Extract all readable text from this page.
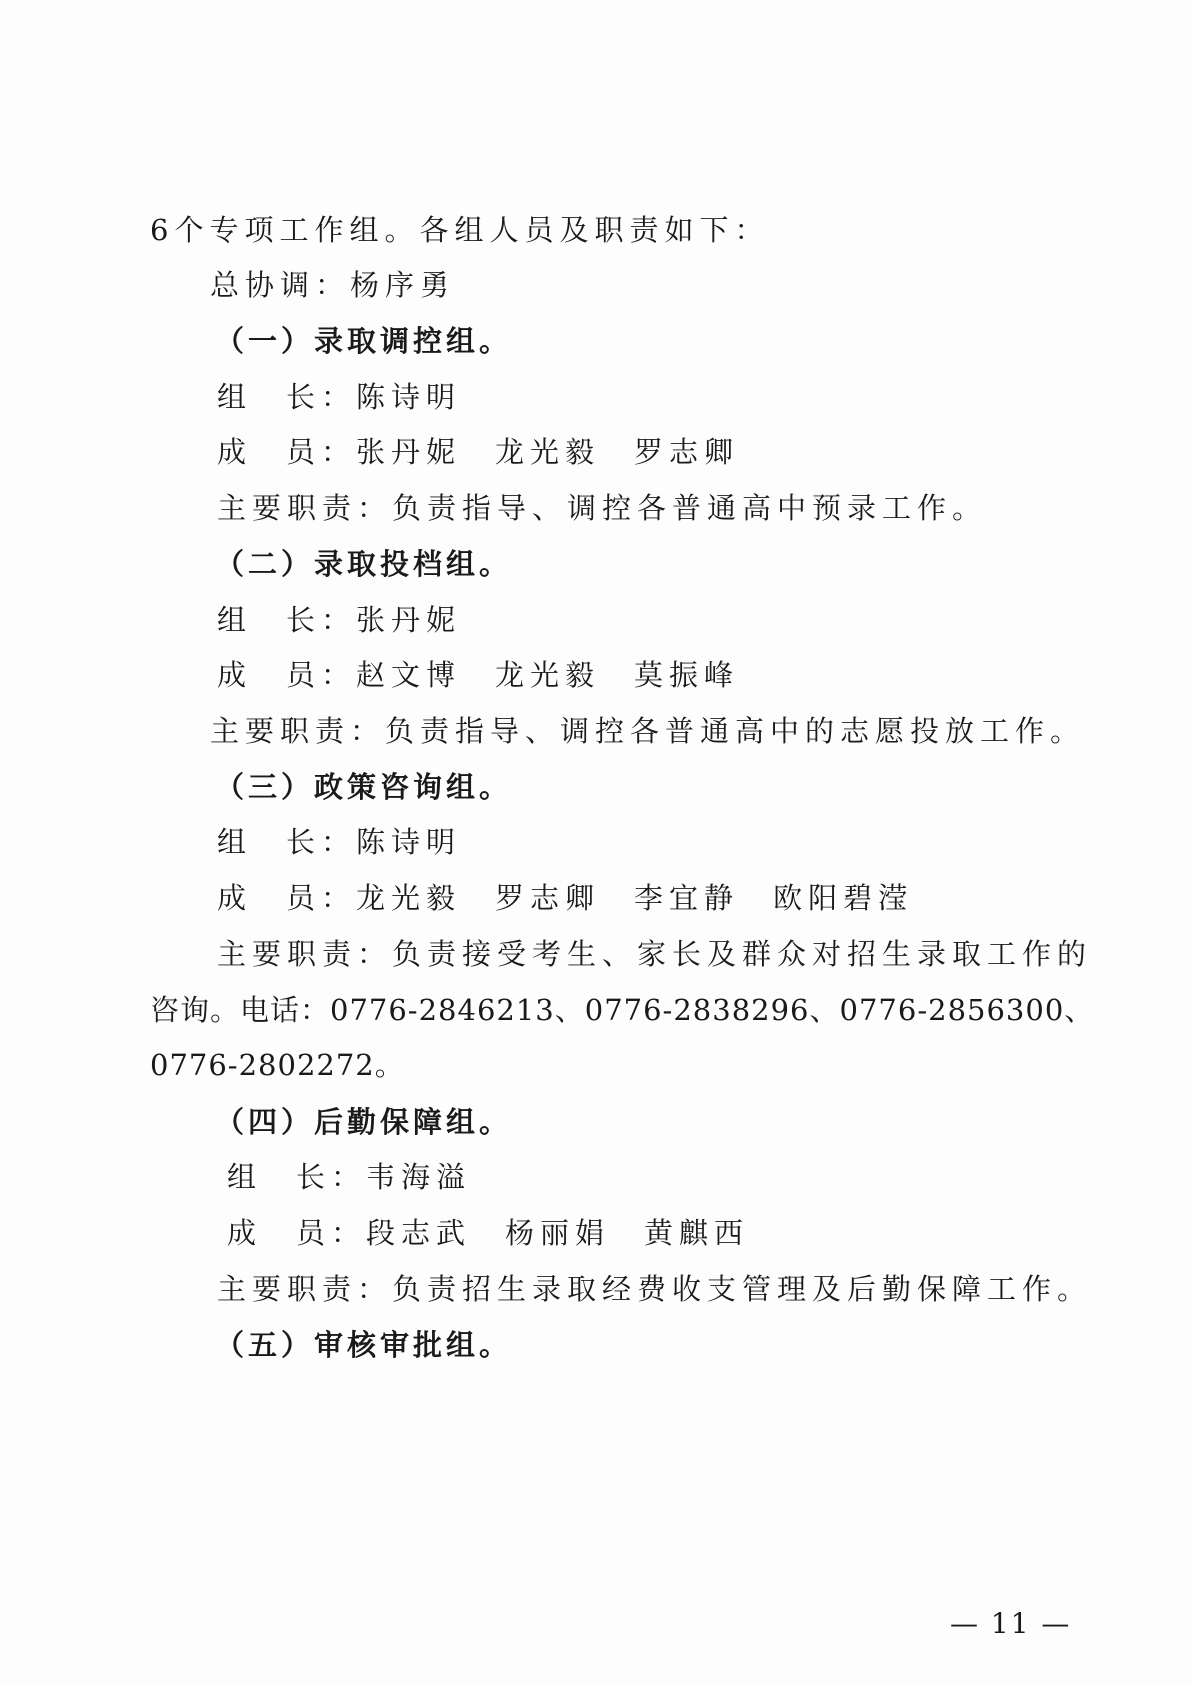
6个专项工作组。各组人员及职责如下：
总协调：杨序勇
（一）录取调控组。
组 长：陈诗明
成 员：张丹妮 龙光毅 罗志卿
主要职责：负责指导、调控各普通高中预录工作。
（二）录取投档组。
组 长：张丹妮
成 员：赵文博 龙光毅 莫振峰
主要职责：负责指导、调控各普通高中的志愿投放工作。
（三）政策咨询组。
组 长：陈诗明
成 员：龙光毅 罗志卿 李宜静 欧阳碧滢
主要职责：负责接受考生、家长及群众对招生录取工作的
咨询。电话：0776-2846213、0776-2838296、0776-2856300、
0776-2802272。
（四）后勤保障组。
组 长：韦海溢
成 员：段志武 杨丽娟 黄麒西
主要职责：负责招生录取经费收支管理及后勤保障工作。
（五）审核审批组。
— 11 —
